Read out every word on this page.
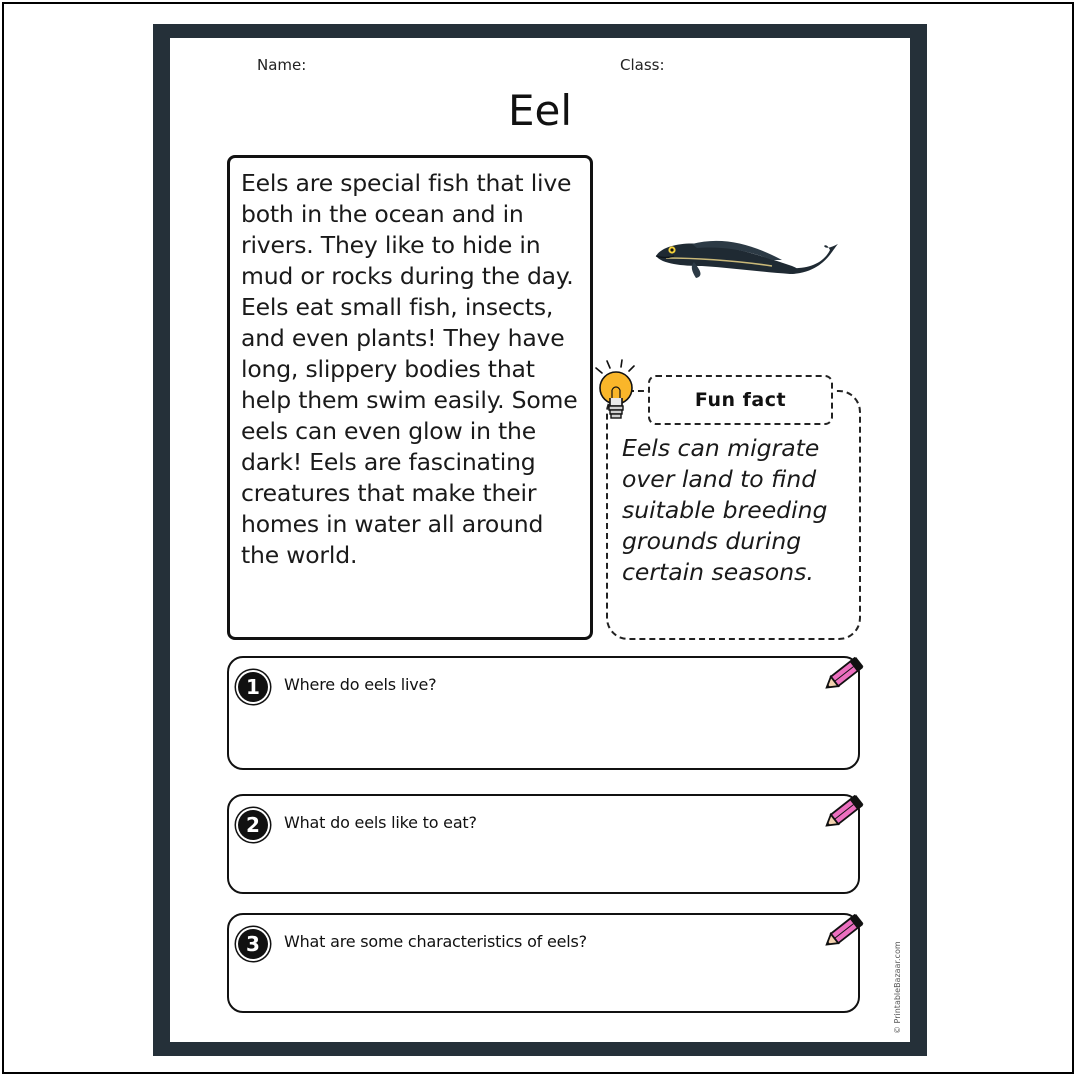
Name:	Class:
Eel

Eels are special fish that live both in the ocean and in rivers. They like to hide in mud or rocks during the day. Eels eat small fish, insects, and even plants! They have long, slippery bodies that help them swim easily. Some eels can even glow in the dark! Eels are fascinating creatures that make their homes in water all around the world.

Fun fact
Eels can migrate over land to find suitable breeding grounds during certain seasons.
1	Where do eels live?
2	What do eels like to eat?
3	What are some characteristics of eels?	© PrintableBazaar.com
